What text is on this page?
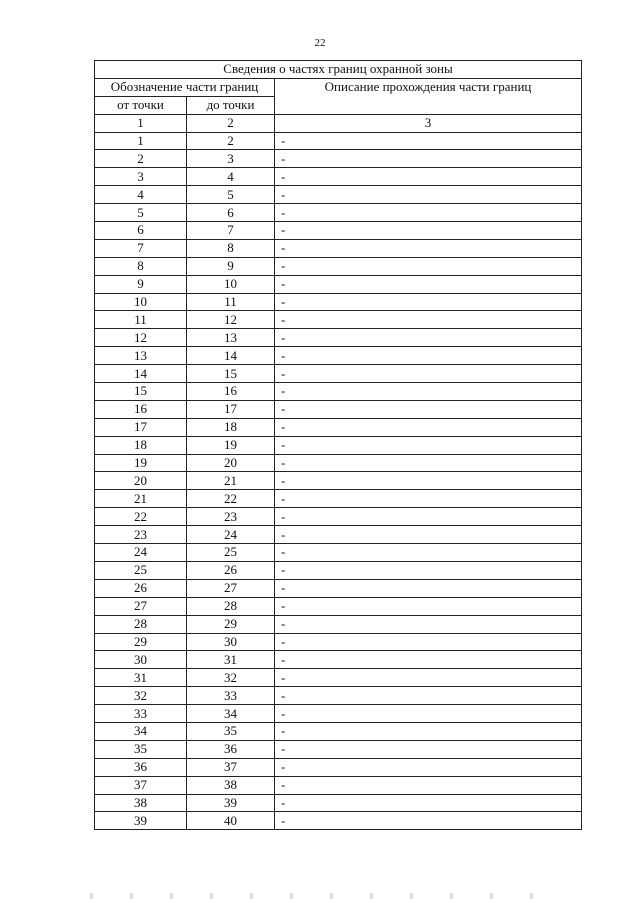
22
Сведения о частях границ охранной зоны		
Обозначение части границ		Описание прохождения части границ
от точки	до точки	
1	2	3
1	2	-
2	3	-
3	4	-
4	5	-
5	6	-
6	7	-
7	8	-
8	9	-
9	10	-
10	11	-
11	12	-
12	13	-
13	14	-
14	15	-
15	16	-
16	17	-
17	18	-
18	19	-
19	20	-
20	21	-
21	22	-
22	23	-
23	24	-
24	25	-
25	26	-
26	27	-
27	28	-
28	29	-
29	30	-
30	31	-
31	32	-
32	33	-
33	34	-
34	35	-
35	36	-
36	37	-
37	38	-
38	39	-
39	40	-
